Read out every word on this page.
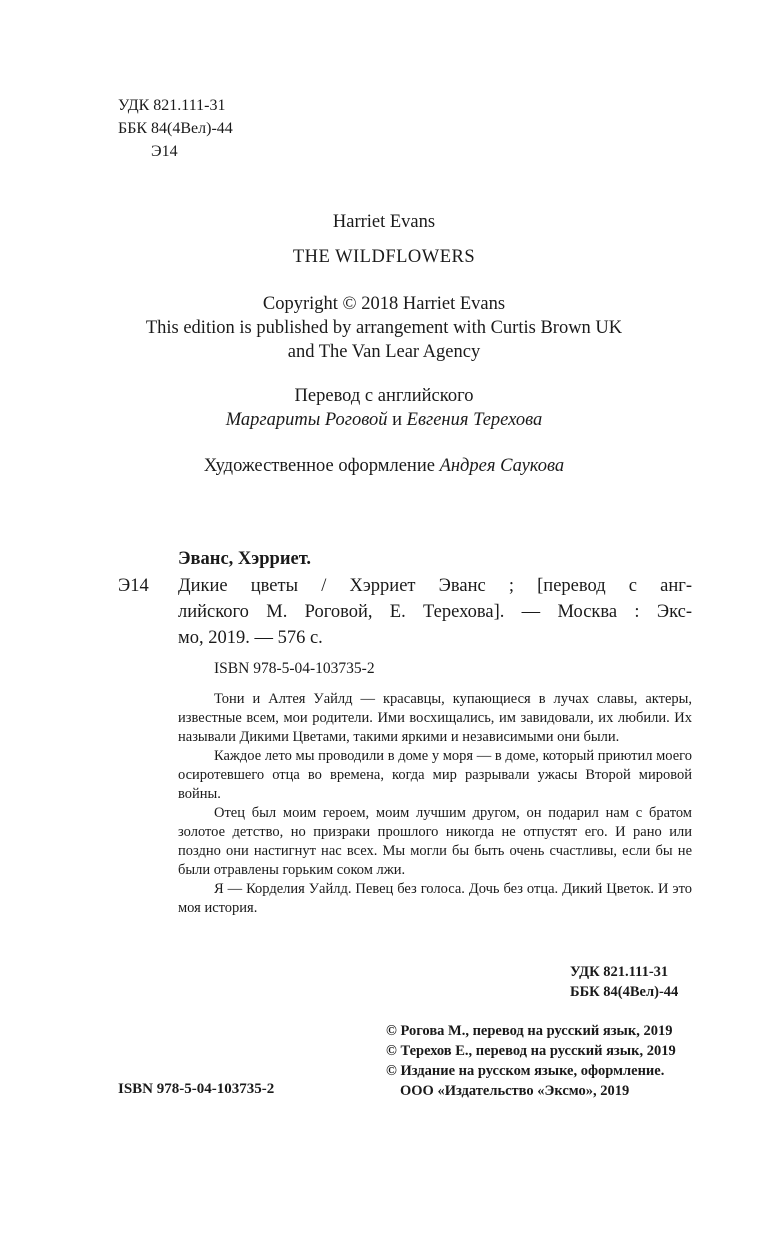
УДК 821.111-31
ББК 84(4Вел)-44
Э14
Harriet Evans
THE WILDFLOWERS
Copyright © 2018 Harriet Evans
This edition is published by arrangement with Curtis Brown UK
and The Van Lear Agency
Перевод с английского
Маргариты Роговой и Евгения Терехова
Художественное оформление Андрея Саукова
Эванс, Хэрриет.
Э14 Дикие цветы / Хэрриет Эванс ; [перевод с анг-
лийского М. Роговой, Е. Терехова]. — Москва : Экс-
мо, 2019. — 576 с.
ISBN 978-5-04-103735-2

Тони и Алтея Уайлд — красавцы, купающиеся в лучах славы, актеры, известные всем, мои родители. Ими восхищались, им завидовали, их любили. Их называли Дикими Цветами, такими яркими и независимыми они были.

Каждое лето мы проводили в доме у моря — в доме, который приютил моего осиротевшего отца во времена, когда мир разрывали ужасы Второй мировой войны.

Отец был моим героем, моим лучшим другом, он подарил нам с братом золотое детство, но призраки прошлого никогда не отпустят его. И рано или поздно они настигнут нас всех. Мы могли бы быть очень счастливы, если бы не были отравлены горьким соком лжи.

Я — Корделия Уайлд. Певец без голоса. Дочь без отца. Дикий Цветок. И это моя история.

УДК 821.111-31
ББК 84(4Вел)-44
ISBN 978-5-04-103735-2
© Рогова М., перевод на русский язык, 2019
© Терехов Е., перевод на русский язык, 2019
© Издание на русском языке, оформление.
ООО «Издательство «Эксмо», 2019
